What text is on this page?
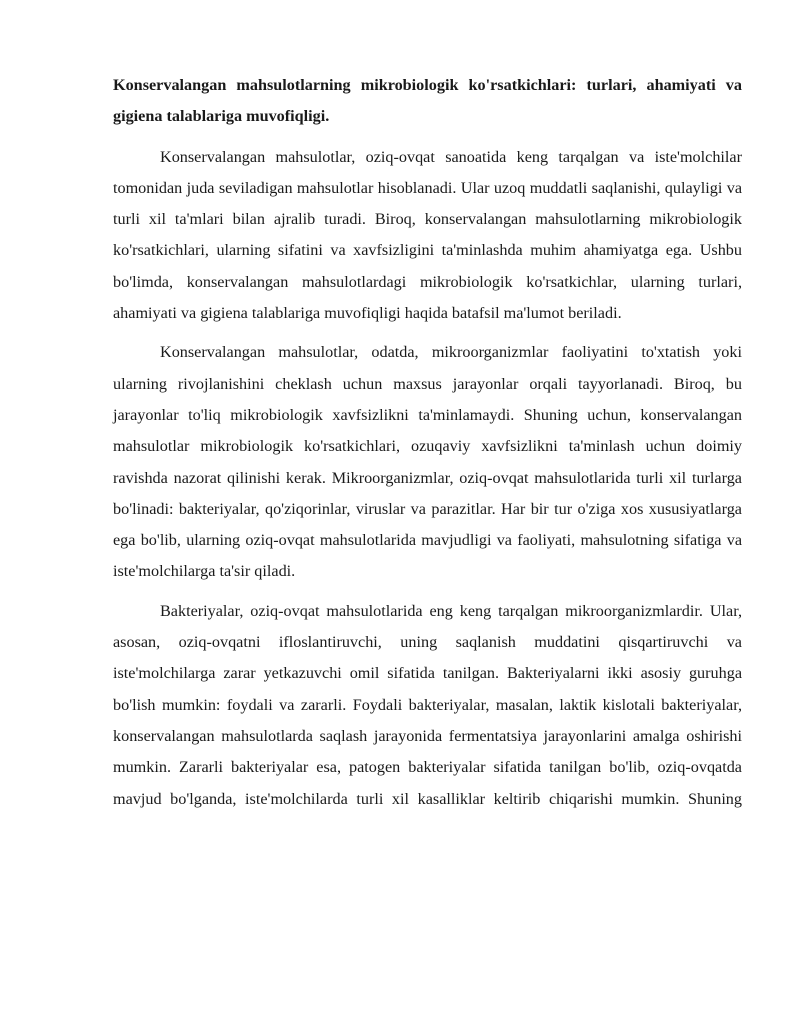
Konservalangan mahsulotlarning mikrobiologik ko'rsatkichlari: turlari, ahamiyati va gigiena talablariga muvofiqligi.

Konservalangan mahsulotlar, oziq-ovqat sanoatida keng tarqalgan va iste'molchilar tomonidan juda seviladigan mahsulotlar hisoblanadi. Ular uzoq muddatli saqlanishi, qulayligi va turli xil ta'mlari bilan ajralib turadi. Biroq, konservalangan mahsulotlarning mikrobiologik ko'rsatkichlari, ularning sifatini va xavfsizligini ta'minlashda muhim ahamiyatga ega. Ushbu bo'limda, konservalangan mahsulotlardagi mikrobiologik ko'rsatkichlar, ularning turlari, ahamiyati va gigiena talablariga muvofiqligi haqida batafsil ma'lumot beriladi.

Konservalangan mahsulotlar, odatda, mikroorganizmlar faoliyatini to'xtatish yoki ularning rivojlanishini cheklash uchun maxsus jarayonlar orqali tayyorlanadi. Biroq, bu jarayonlar to'liq mikrobiologik xavfsizlikni ta'minlamaydi. Shuning uchun, konservalangan mahsulotlar mikrobiologik ko'rsatkichlari, ozuqaviy xavfsizlikni ta'minlash uchun doimiy ravishda nazorat qilinishi kerak. Mikroorganizmlar, oziq-ovqat mahsulotlarida turli xil turlarga bo'linadi: bakteriyalar, qo'ziqorinlar, viruslar va parazitlar. Har bir tur o'ziga xos xususiyatlarga ega bo'lib, ularning oziq-ovqat mahsulotlarida mavjudligi va faoliyati, mahsulotning sifatiga va iste'molchilarga ta'sir qiladi.

Bakteriyalar, oziq-ovqat mahsulotlarida eng keng tarqalgan mikroorganizmlardir. Ular, asosan, oziq-ovqatni ifloslantiruvchi, uning saqlanish muddatini qisqartiruvchi va iste'molchilarga zarar yetkazuvchi omil sifatida tanilgan. Bakteriyalarni ikki asosiy guruhga bo'lish mumkin: foydali va zararli. Foydali bakteriyalar, masalan, laktik kislotali bakteriyalar, konservalangan mahsulotlarda saqlash jarayonida fermentatsiya jarayonlarini amalga oshirishi mumkin. Zararli bakteriyalar esa, patogen bakteriyalar sifatida tanilgan bo'lib, oziq-ovqatda mavjud bo'lganda, iste'molchilarda turli xil kasalliklar keltirib chiqarishi mumkin. Shuning
